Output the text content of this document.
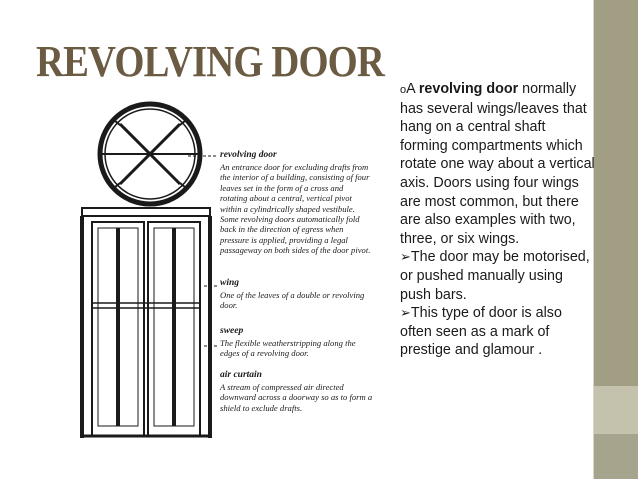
REVOLVING DOOR
revolving door
An entrance door for excluding drafts from
the interior of a building, consisting of four
leaves set in the form of a cross and
rotating about a central, vertical pivot
within a cylindrically shaped vestibule.
Some revolving doors automatically fold
back in the direction of egress when
pressure is applied, providing a legal
passageway on both sides of the door pivot.
wing
One of the leaves of a double or revolving
door.
sweep
The flexible weatherstripping along the
edges of a revolving door.
air curtain
A stream of compressed air directed
downward across a doorway so as to form a
shield to exclude drafts.

oA revolving door normally has several wings/leaves that hang on a central shaft forming compartments which rotate one way about a vertical axis. Doors using four wings are most common, but there are also examples with two, three, or six wings.

➢The door may be motorised, or pushed manually using push bars.

➢This type of door is also often seen as a mark of prestige and glamour .
